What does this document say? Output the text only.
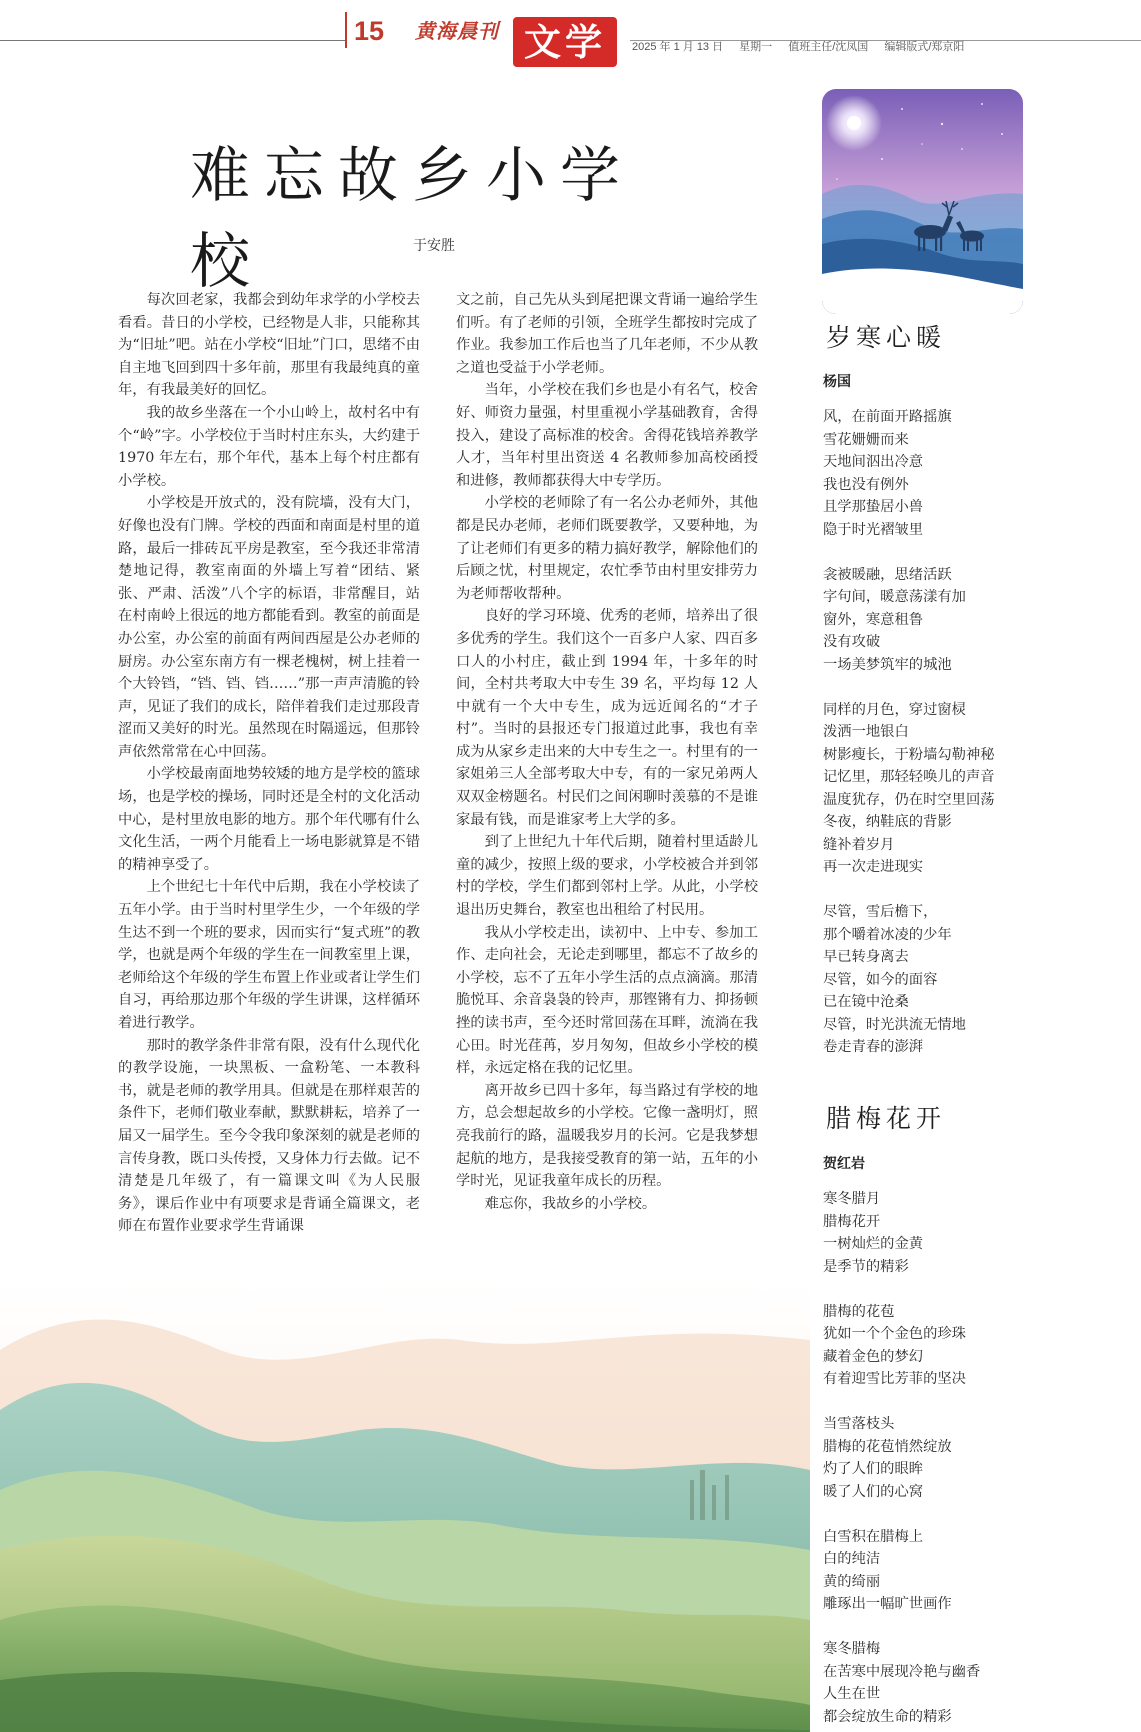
15 黄海晨刊 文学	2025 年 1 月 13 日 星期一 值班主任/沈凤国 编辑版式/郑京阳
难忘故乡小学校	于安胜

每次回老家，我都会到幼年求学的小学校去看看。昔日的小学校，已经物是人非，只能称其为“旧址”吧。站在小学校“旧址”门口，思绪不由自主地飞回到四十多年前，那里有我最纯真的童年，有我最美好的回忆。

我的故乡坐落在一个小山岭上，故村名中有个“岭”字。小学校位于当时村庄东头，大约建于 1970 年左右，那个年代，基本上每个村庄都有小学校。

小学校是开放式的，没有院墙，没有大门，好像也没有门牌。学校的西面和南面是村里的道路，最后一排砖瓦平房是教室，至今我还非常清楚地记得，教室南面的外墙上写着“团结、紧张、严肃、活泼”八个字的标语，非常醒目，站在村南岭上很远的地方都能看到。教室的前面是办公室，办公室的前面有两间西屋是公办老师的厨房。办公室东南方有一棵老槐树，树上挂着一个大铃铛，“铛、铛、铛……”那一声声清脆的铃声，见证了我们的成长，陪伴着我们走过那段青涩而又美好的时光。虽然现在时隔遥远，但那铃声依然常常在心中回荡。

小学校最南面地势较矮的地方是学校的篮球场，也是学校的操场，同时还是全村的文化活动中心，是村里放电影的地方。那个年代哪有什么文化生活，一两个月能看上一场电影就算是不错的精神享受了。

上个世纪七十年代中后期，我在小学校读了五年小学。由于当时村里学生少，一个年级的学生达不到一个班的要求，因而实行“复式班”的教学，也就是两个年级的学生在一间教室里上课，老师给这个年级的学生布置上作业或者让学生们自习，再给那边那个年级的学生讲课，这样循环着进行教学。

那时的教学条件非常有限，没有什么现代化的教学设施，一块黑板、一盒粉笔、一本教科书，就是老师的教学用具。但就是在那样艰苦的条件下，老师们敬业奉献，默默耕耘，培养了一届又一届学生。至今令我印象深刻的就是老师的言传身教，既口头传授，又身体力行去做。记不清楚是几年级了，有一篇课文叫《为人民服务》，课后作业中有项要求是背诵全篇课文，老师在布置作业要求学生背诵课

文之前，自己先从头到尾把课文背诵一遍给学生们听。有了老师的引领，全班学生都按时完成了作业。我参加工作后也当了几年老师，不少从教之道也受益于小学老师。

当年，小学校在我们乡也是小有名气，校舍好、师资力量强，村里重视小学基础教育，舍得投入，建设了高标准的校舍。舍得花钱培养教学人才，当年村里出资送 4 名教师参加高校函授和进修，教师都获得大中专学历。

小学校的老师除了有一名公办老师外，其他都是民办老师，老师们既要教学，又要种地，为了让老师们有更多的精力搞好教学，解除他们的后顾之忧，村里规定，农忙季节由村里安排劳力为老师帮收帮种。

良好的学习环境、优秀的老师，培养出了很多优秀的学生。我们这个一百多户人家、四百多口人的小村庄，截止到 1994 年，十多年的时间，全村共考取大中专生 39 名，平均每 12 人中就有一个大中专生，成为远近闻名的“才子村”。当时的县报还专门报道过此事，我也有幸成为从家乡走出来的大中专生之一。村里有的一家姐弟三人全部考取大中专，有的一家兄弟两人双双金榜题名。村民们之间闲聊时羡慕的不是谁家最有钱，而是谁家考上大学的多。

到了上世纪九十年代后期，随着村里适龄儿童的减少，按照上级的要求，小学校被合并到邻村的学校，学生们都到邻村上学。从此，小学校退出历史舞台，教室也出租给了村民用。

我从小学校走出，读初中、上中专、参加工作、走向社会，无论走到哪里，都忘不了故乡的小学校，忘不了五年小学生活的点点滴滴。那清脆悦耳、余音袅袅的铃声，那铿锵有力、抑扬顿挫的读书声，至今还时常回荡在耳畔，流淌在我心田。时光荏苒，岁月匆匆，但故乡小学校的模样，永远定格在我的记忆里。

离开故乡已四十多年，每当路过有学校的地方，总会想起故乡的小学校。它像一盏明灯，照亮我前行的路，温暖我岁月的长河。它是我梦想起航的地方，是我接受教育的第一站，五年的小学时光，见证我童年成长的历程。

难忘你，我故乡的小学校。

岁寒心暖
杨国
风，在前面开路摇旗
雪花姗姗而来
天地间泅出冷意
我也没有例外
且学那蛰居小兽
隐于时光褶皱里
衾被暖融，思绪活跃
字句间，暖意荡漾有加
窗外，寒意租鲁
没有攻破
一场美梦筑牢的城池
同样的月色，穿过窗棂
泼洒一地银白
树影瘦长，于粉墙勾勒神秘
记忆里，那轻轻唤儿的声音
温度犹存，仍在时空里回荡
冬夜，纳鞋底的背影
缝补着岁月
再一次走进现实
尽管，雪后檐下，
那个嚼着冰凌的少年
早已转身离去
尽管，如今的面容
已在镜中沧桑
尽管，时光洪流无情地
卷走青春的澎湃
腊梅花开
贺红岩
寒冬腊月
腊梅花开
一树灿烂的金黄
是季节的精彩
腊梅的花苞
犹如一个个金色的珍珠
藏着金色的梦幻
有着迎雪比芳菲的坚决
当雪落枝头
腊梅的花苞悄然绽放
灼了人们的眼眸
暖了人们的心窝
白雪积在腊梅上
白的纯洁
黄的绮丽
雕琢出一幅旷世画作
寒冬腊梅
在苦寒中展现冷艳与幽香
人生在世
都会绽放生命的精彩
